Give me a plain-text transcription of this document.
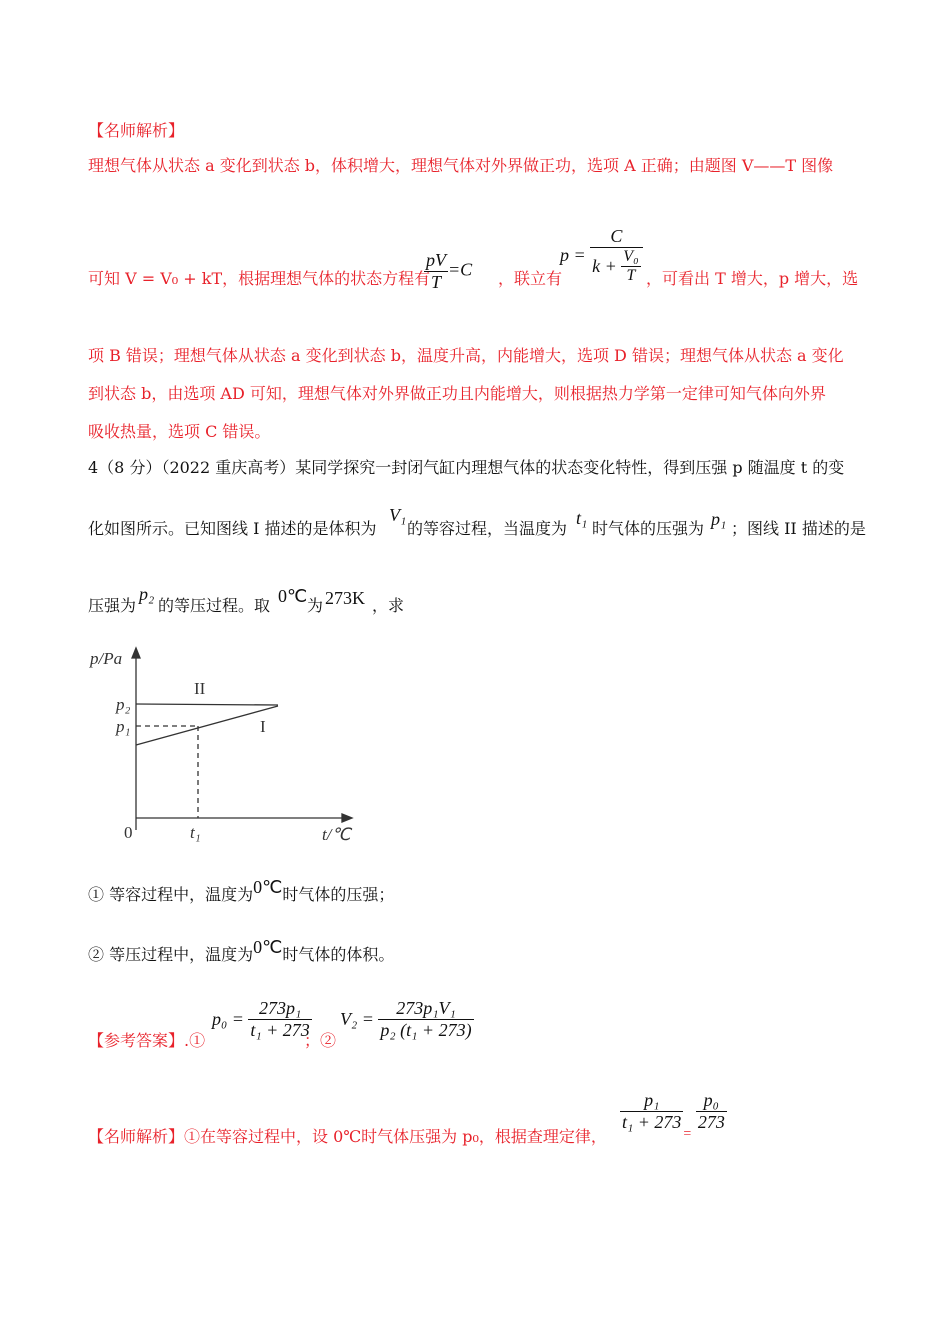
【名师解析】
理想气体从状态 a 变化到状态 b，体积增大，理想气体对外界做正功，选项 A 正确；由题图 V——T 图像
可知 V = V₀ + kT，根据理想气体的状态方程有
$\frac{pV}{T} =C$ ，联立有
$p = \frac{C}{k + \frac{\text{V₀}}{T}}$ ，可看出 T 增大，p 增大，选
项 B 错误；理想气体从状态 a 变化到状态 b，温度升高，内能增大，选项 D 错误；理想气体从状态 a 变化
到状态 b，由选项 AD 可知，理想气体对外界做正功且内能增大，则根据热力学第一定律可知气体向外界
吸收热量，选项 C 错误。
4（8 分）（2022 重庆高考）某同学探究一封闭气缸内理想气体的状态变化特性，得到压强 p 随温度 t 的变
化如图所示。已知图线 I 描述的是体积为
V₁
的等容过程，当温度为
t₁
时气体的压强为 p₁ ；图线 II 描述的是
压强为
p₂
的等压过程。取 0℃ 为 273K ，求
p/Pa
p₂
p₁
II
I
0	t₁	t/℃
① 等容过程中，温度为0℃时气体的压强；
② 等压过程中，温度为0℃时气体的体积。
【参考答案】.①
$p_0 = \frac{\text{273p₁}}{\text{t₁ + 273}}$
；②
$V_2 = \frac{\text{273p₁V₁}}{\text{p₂ (t₁ + 273)}}$
【名师解析】①在等容过程中，设 0℃时气体压强为 p₀，根据查理定律，
$\frac{\text{p₁}}{\text{t₁ + 273}}$
$_=$
$\frac{\text{p₀}}{273}$
